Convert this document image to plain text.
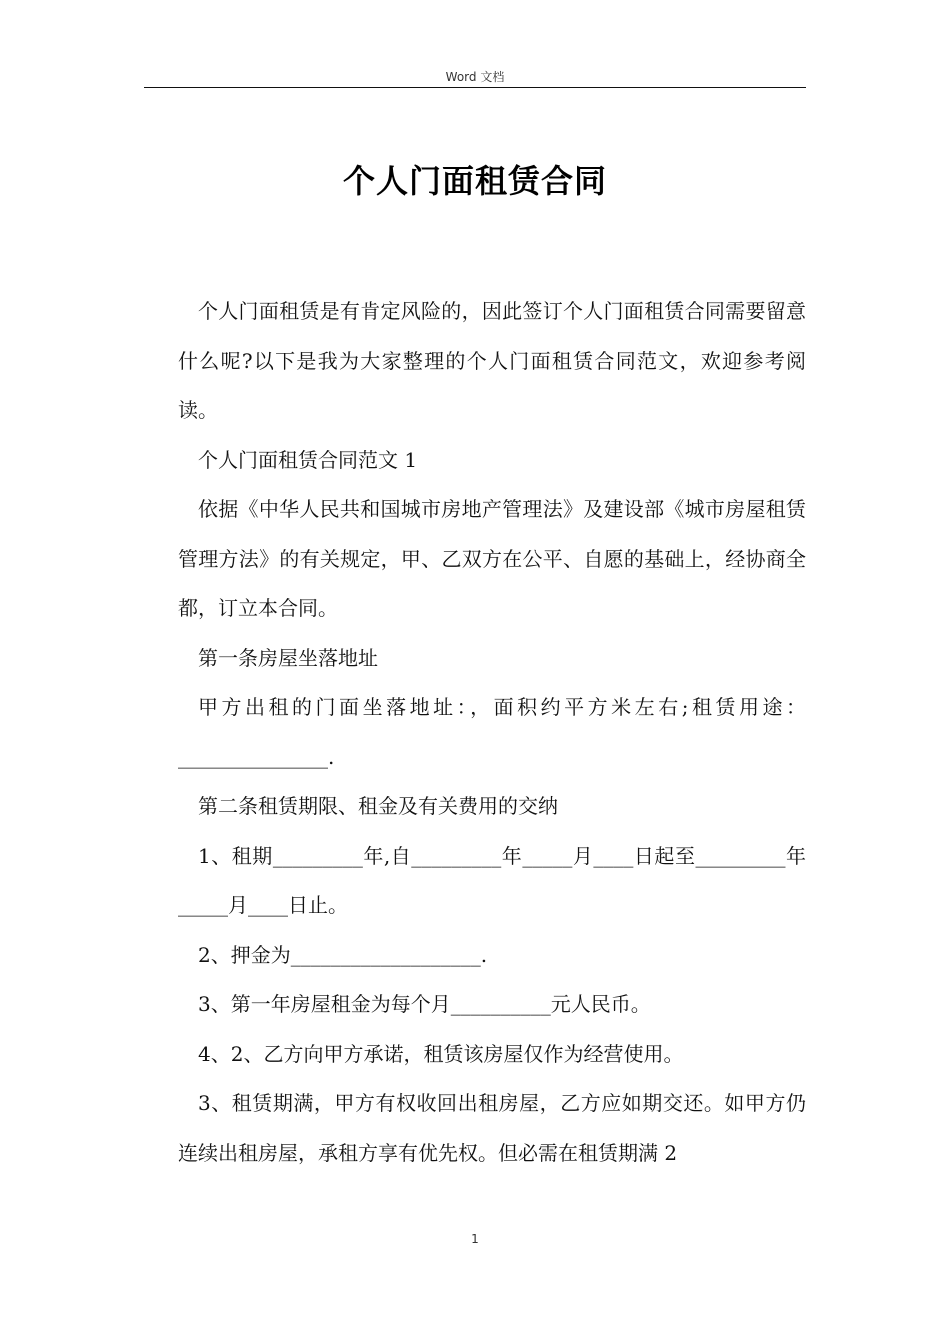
Word 文档
个人门面租赁合同

个人门面租赁是有肯定风险的，因此签订个人门面租赁合同需要留意什么呢?以下是我为大家整理的个人门面租赁合同范文，欢迎参考阅读。

个人门面租赁合同范文 1

依据《中华人民共和国城市房地产管理法》及建设部《城市房屋租赁管理方法》的有关规定，甲、乙双方在公平、自愿的基础上，经协商全都，订立本合同。

第一条房屋坐落地址

甲方出租的门面坐落地址：，面积约平方米左右;租赁用途：_______________.

第二条租赁期限、租金及有关费用的交纳

1、租期_________年,自_________年_____月____日起至_________年_____月____日止。

2、押金为___________________.

3、第一年房屋租金为每个月__________元人民币。

4、2、乙方向甲方承诺，租赁该房屋仅作为经营使用。

3、租赁期满，甲方有权收回出租房屋，乙方应如期交还。如甲方仍连续出租房屋，承租方享有优先权。但必需在租赁期满 2

1
